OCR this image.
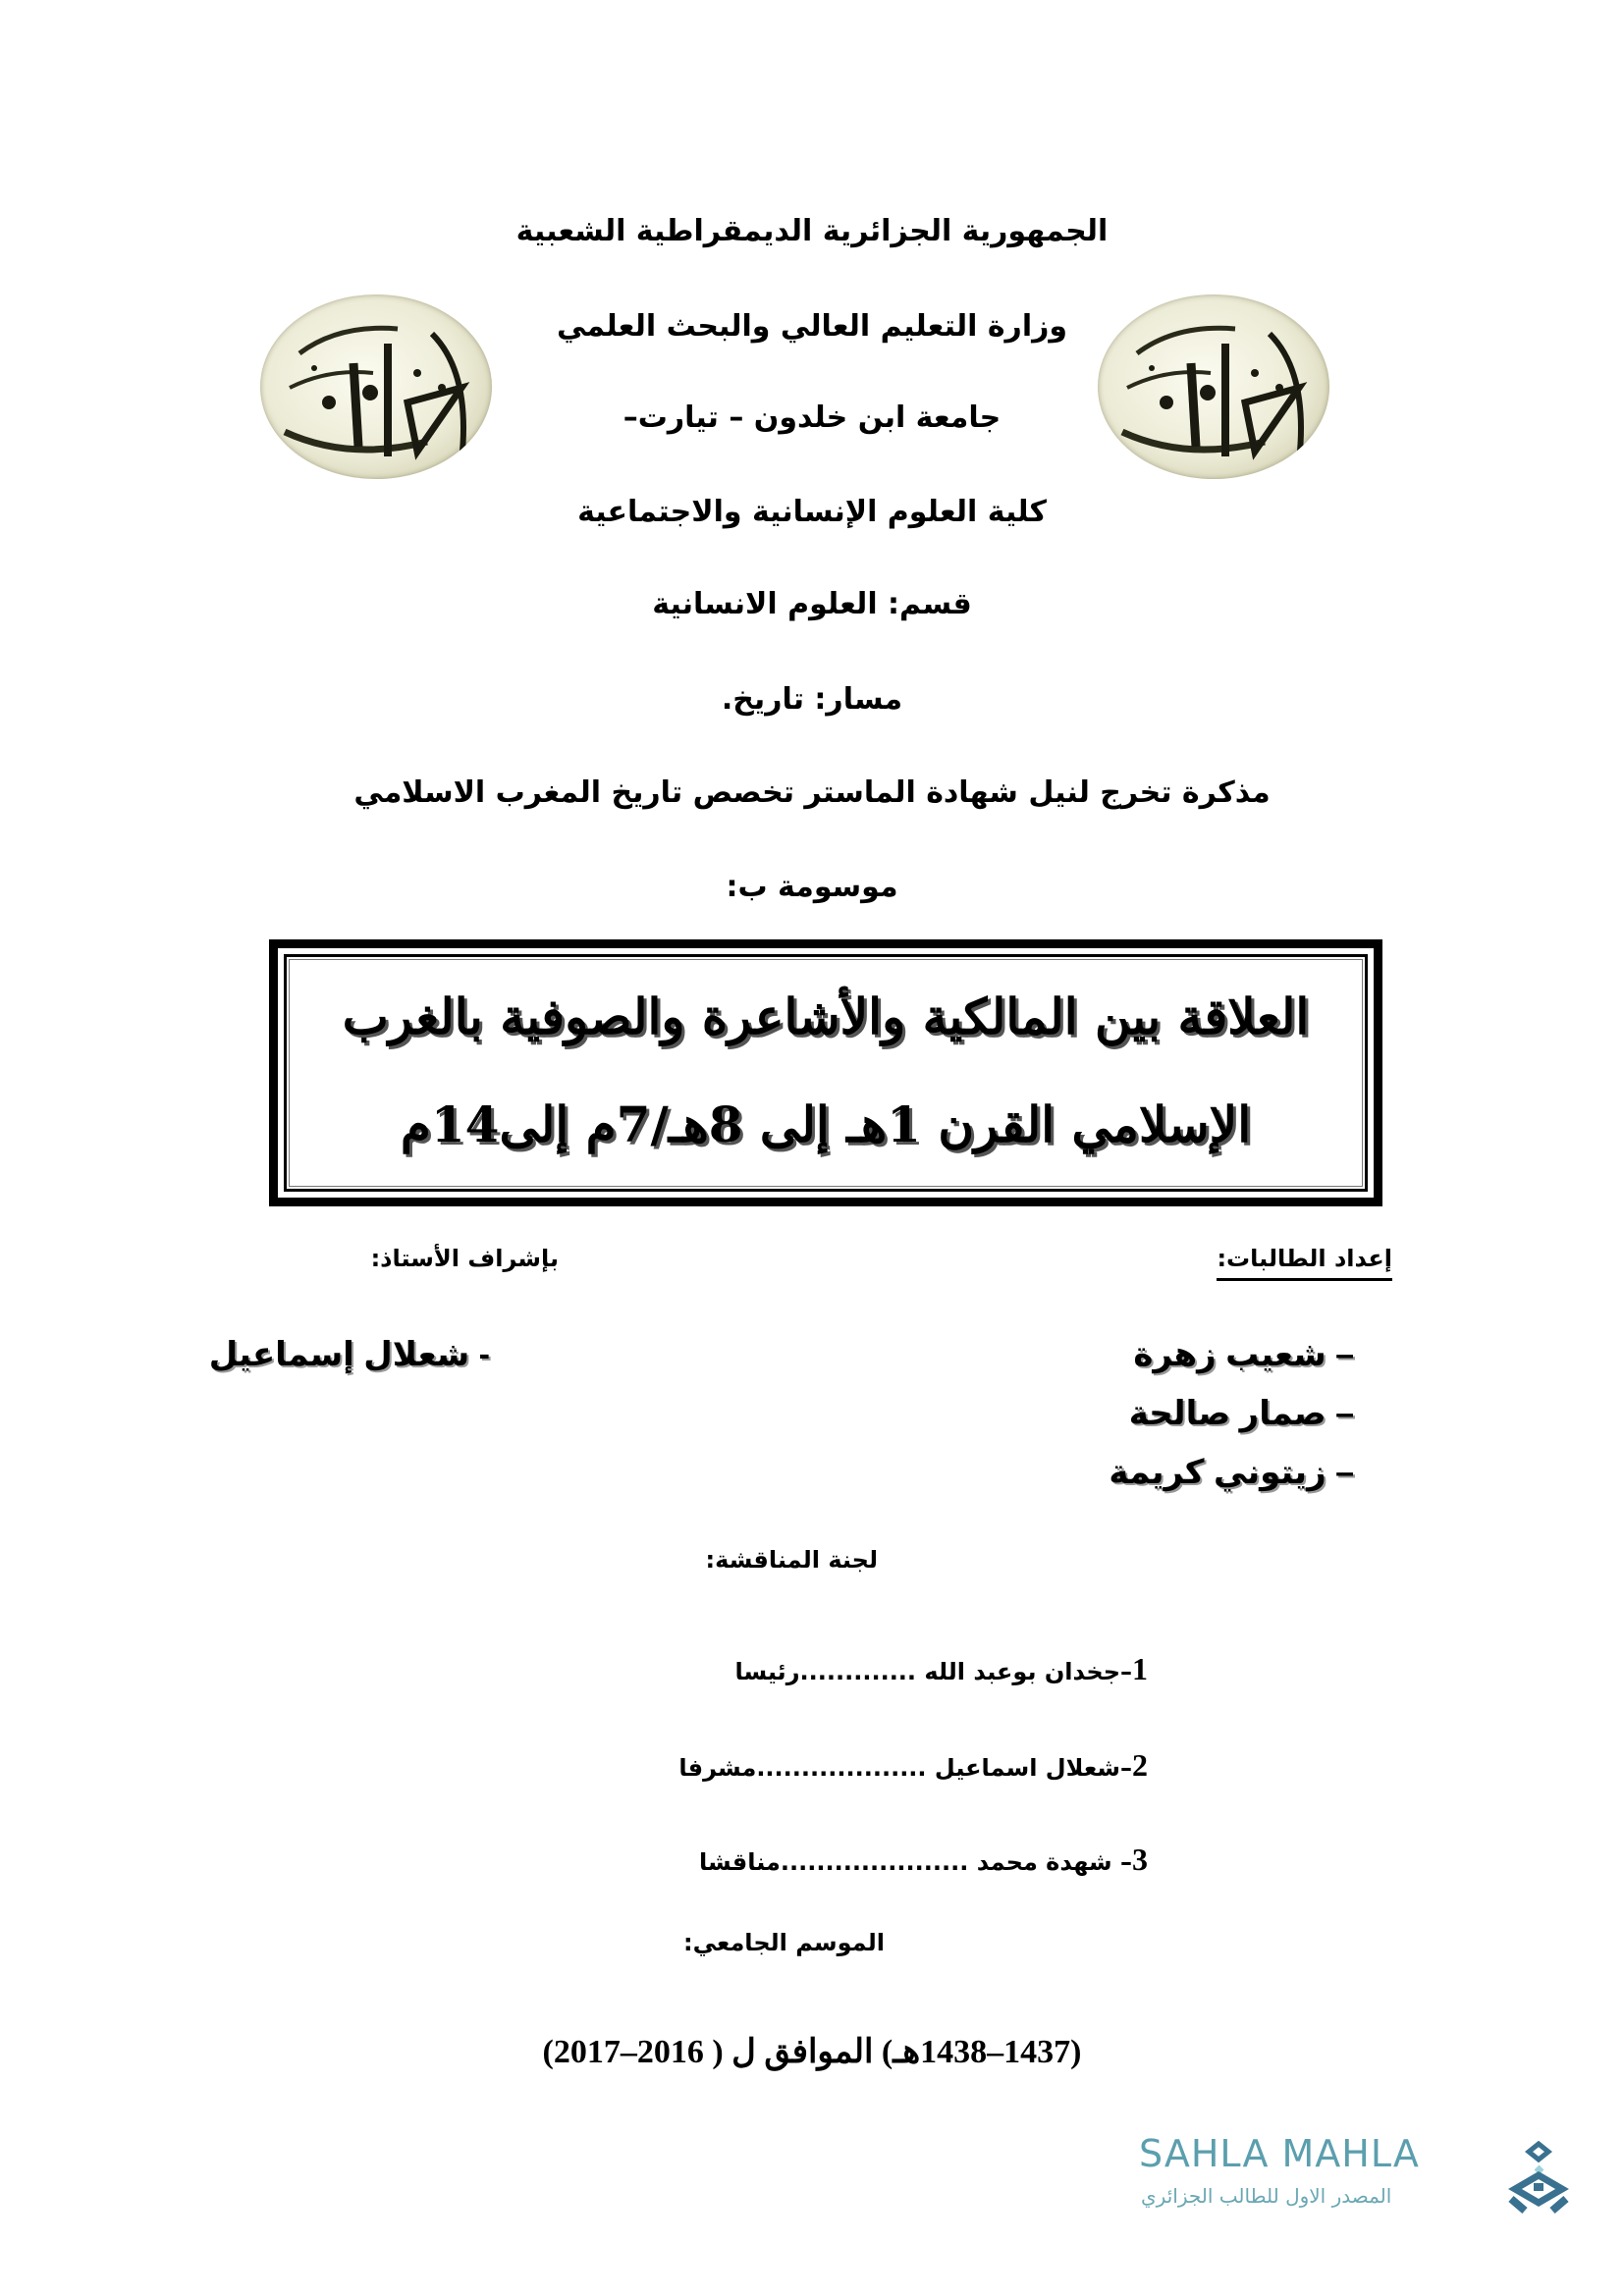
الجمهورية الجزائرية الديمقراطية الشعبية
وزارة التعليم العالي والبحث العلمي
جامعة ابن خلدون – تيارت–
كلية العلوم الإنسانية والاجتماعية
قسم: العلوم الانسانية
مسار: تاريخ.
مذكرة تخرج لنيل شهادة الماستر تخصص تاريخ المغرب الاسلامي
موسومة ب:
العلاقة بين المالكية والأشاعرة والصوفية بالغرب
الإسلامي القرن 1هـ إلى 8هـ/7م إلى14م
إعداد الطالبات:
بإشراف الأستاذ:
– شعيب زهرة
– صمار صالحة
– زيتوني كريمة
- شعلال إسماعيل
لجنة المناقشة:
1–جخدان بوعبد الله .............رئيسا
2–شعلال اسماعيل ...................مشرفا
3– شهدة محمد .....................مناقشا
الموسم الجامعي:
(1437–1438هـ) الموافق ل ( 2016–2017)
SAHLA MAHLA
المصدر الاول للطالب الجزائري
